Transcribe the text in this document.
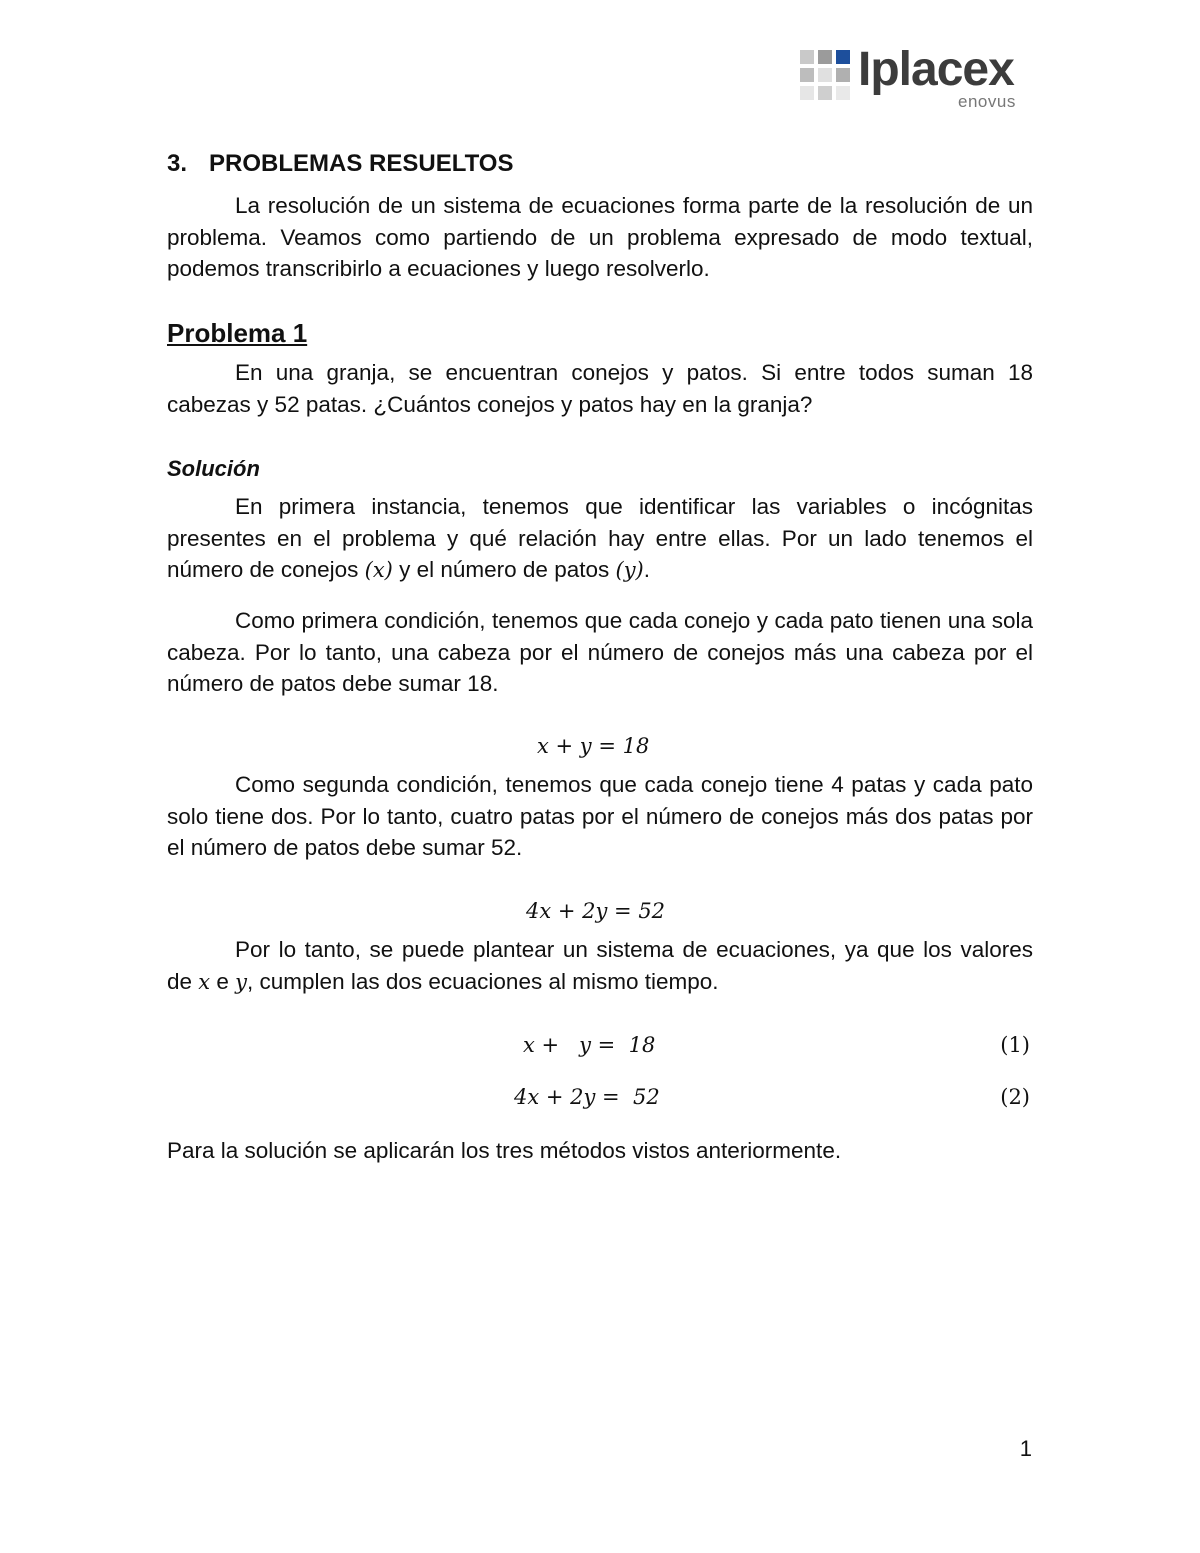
Iplacex
enovus
3. PROBLEMAS RESUELTOS

La resolución de un sistema de ecuaciones forma parte de la resolución de un problema. Veamos como partiendo de un problema expresado de modo textual, podemos transcribirlo a ecuaciones y luego resolverlo.

Problema 1

En una granja, se encuentran conejos y patos. Si entre todos suman 18 cabezas y 52 patas. ¿Cuántos conejos y patos hay en la granja?

Solución

En primera instancia, tenemos que identificar las variables o incógnitas presentes en el problema y qué relación hay entre ellas. Por un lado tenemos el número de conejos (x) y el número de patos (y).

Como primera condición, tenemos que cada conejo y cada pato tienen una sola cabeza. Por lo tanto, una cabeza por el número de conejos más una cabeza por el número de patos debe sumar 18.

x + y = 18

Como segunda condición, tenemos que cada conejo tiene 4 patas y cada pato solo tiene dos. Por lo tanto, cuatro patas por el número de conejos más dos patas por el número de patos debe sumar 52.

4x + 2y = 52

Por lo tanto, se puede plantear un sistema de ecuaciones, ya que los valores de x e y, cumplen las dos ecuaciones al mismo tiempo.

x +   y =  18	(1)
4x + 2y =  52	(2)

Para la solución se aplicarán los tres métodos vistos anteriormente.

1
